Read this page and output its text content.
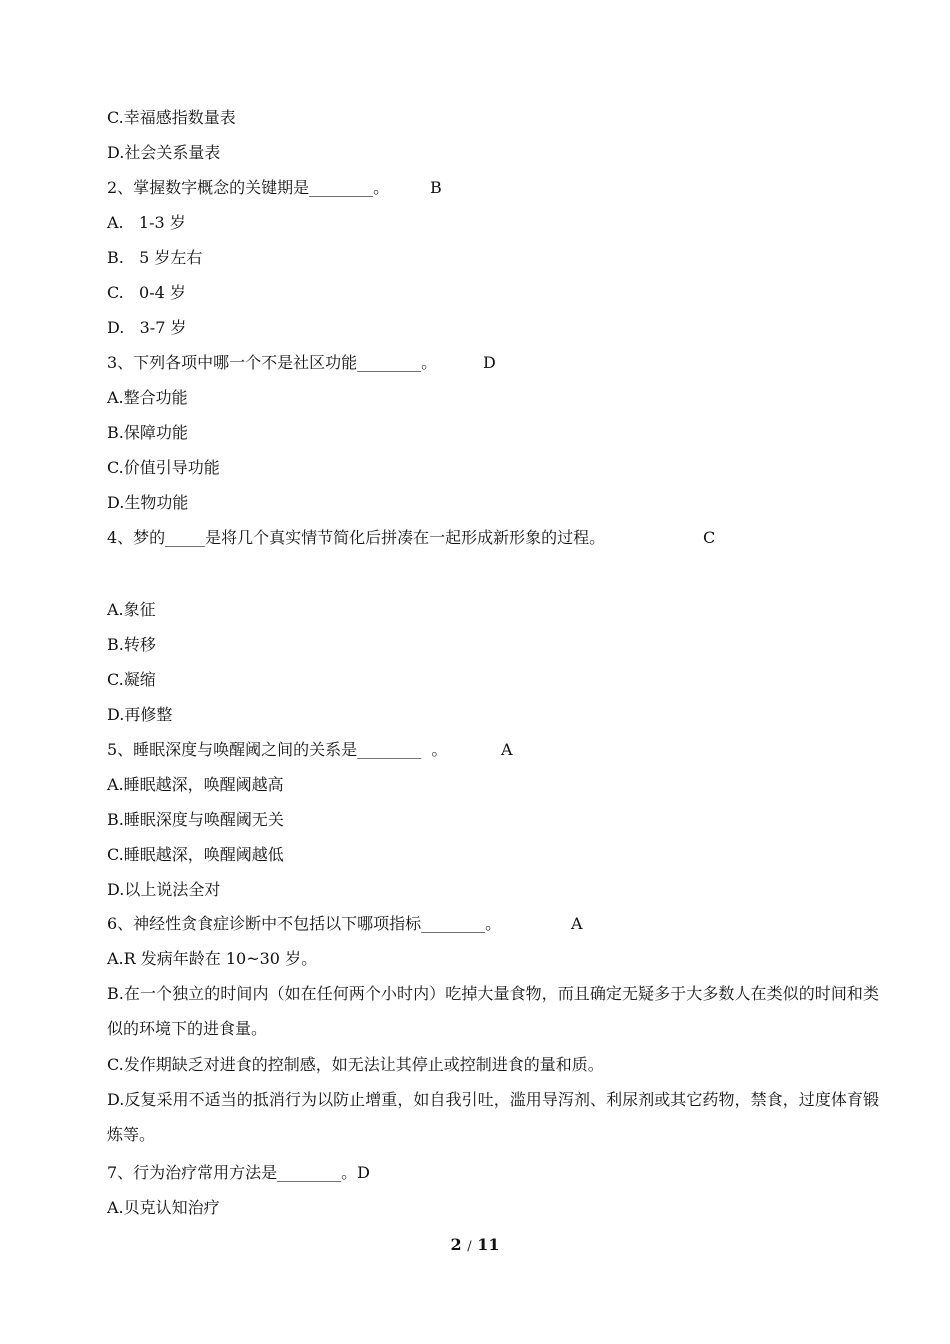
C.幸福感指数量表
D.社会关系量表
2、掌握数字概念的关键期是________。	B
A.   1-3 岁
B.   5 岁左右
C.   0-4 岁
D.   3-7 岁
3、下列各项中哪一个不是社区功能________。	D
A.整合功能
B.保障功能
C.价值引导功能
D.生物功能
4、梦的_____是将几个真实情节简化后拼凑在一起形成新形象的过程。	C
A.象征
B.转移
C.凝缩
D.再修整
5、睡眠深度与唤醒阈之间的关系是________  。	A
A.睡眠越深，唤醒阈越高
B.睡眠深度与唤醒阈无关
C.睡眠越深，唤醒阈越低
D.以上说法全对
6、神经性贪食症诊断中不包括以下哪项指标________。	A
A.R 发病年龄在 10~30 岁。
B.在一个独立的时间内（如在任何两个小时内）吃掉大量食物，而且确定无疑多于大多数人在类似的时间和类似的环境下的进食量。
C.发作期缺乏对进食的控制感，如无法让其停止或控制进食的量和质。
D.反复采用不适当的抵消行为以防止增重，如自我引吐，滥用导泻剂、利尿剂或其它药物，禁食，过度体育锻炼等。
7、行为治疗常用方法是________。D
A.贝克认知治疗
2 / 11
